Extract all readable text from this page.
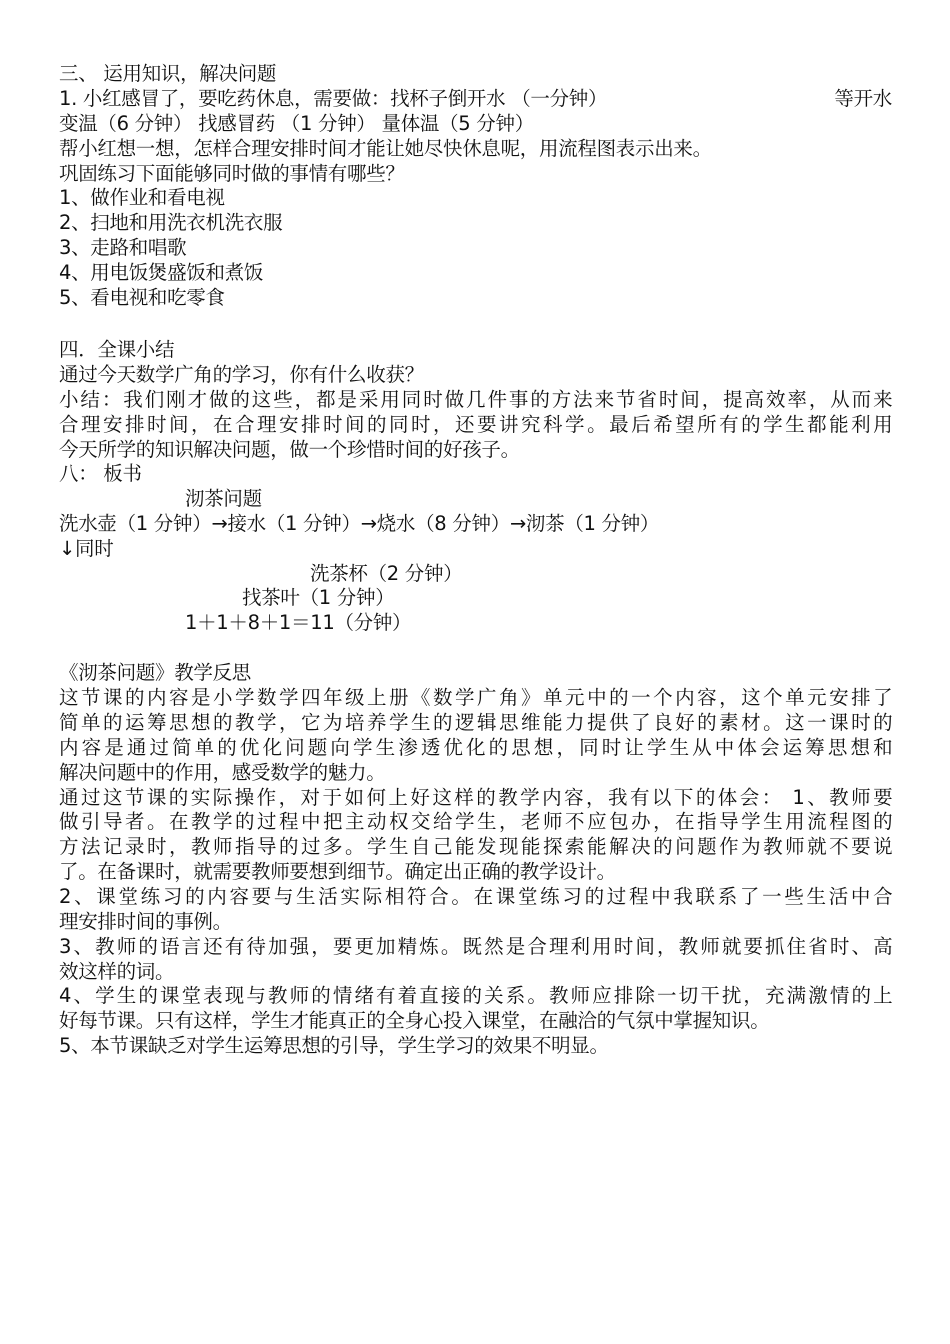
三、 运用知识，解决问题
1. 小红感冒了，要吃药休息，需要做：找杯子倒开水 （一分钟）	等开水
变温（6 分钟） 找感冒药 （1 分钟） 量体温（5 分钟）
帮小红想一想，怎样合理安排时间才能让她尽快休息呢，用流程图表示出来。
巩固练习下面能够同时做的事情有哪些？
1、做作业和看电视
2、扫地和用洗衣机洗衣服
3、走路和唱歌
4、用电饭煲盛饭和煮饭
5、看电视和吃零食
四．全课小结
通过今天数学广角的学习，你有什么收获？
小结：我们刚才做的这些，都是采用同时做几件事的方法来节省时间，提高效率，从而来
合理安排时间，在合理安排时间的同时，还要讲究科学。最后希望所有的学生都能利用
今天所学的知识解决问题，做一个珍惜时间的好孩子。
八： 板书
沏茶问题
洗水壶（1 分钟）→接水（1 分钟）→烧水（8 分钟）→沏茶（1 分钟）
↓同时
洗茶杯（2 分钟）
找茶叶（1 分钟）
1＋1＋8＋1＝11（分钟）
《沏茶问题》教学反思
这节课的内容是小学数学四年级上册《数学广角》单元中的一个内容，这个单元安排了
简单的运筹思想的教学，它为培养学生的逻辑思维能力提供了良好的素材。这一课时的
内容是通过简单的优化问题向学生渗透优化的思想，同时让学生从中体会运筹思想和
解决问题中的作用，感受数学的魅力。
通过这节课的实际操作，对于如何上好这样的教学内容，我有以下的体会： 1、教师要
做引导者。在教学的过程中把主动权交给学生，老师不应包办，在指导学生用流程图的
方法记录时，教师指导的过多。学生自己能发现能探索能解决的问题作为教师就不要说
了。在备课时，就需要教师要想到细节。确定出正确的教学设计。
2、课堂练习的内容要与生活实际相符合。在课堂练习的过程中我联系了一些生活中合
理安排时间的事例。
3、教师的语言还有待加强，要更加精炼。既然是合理利用时间，教师就要抓住省时、高
效这样的词。
4、学生的课堂表现与教师的情绪有着直接的关系。教师应排除一切干扰，充满激情的上
好每节课。只有这样，学生才能真正的全身心投入课堂，在融洽的气氛中掌握知识。
5、本节课缺乏对学生运筹思想的引导，学生学习的效果不明显。
